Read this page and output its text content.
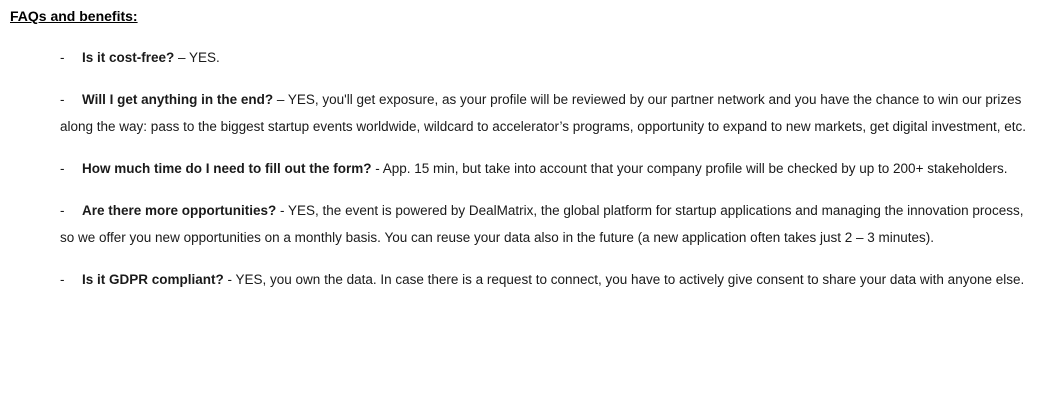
FAQs and benefits:
- Is it cost-free? – YES.
- Will I get anything in the end? – YES, you'll get exposure, as your profile will be reviewed by our partner network and you have the chance to win our prizes along the way: pass to the biggest startup events worldwide, wildcard to accelerator’s programs, opportunity to expand to new markets, get digital investment, etc.
- How much time do I need to fill out the form? - App. 15 min, but take into account that your company profile will be checked by up to 200+ stakeholders.
- Are there more opportunities? - YES, the event is powered by DealMatrix, the global platform for startup applications and managing the innovation process, so we offer you new opportunities on a monthly basis. You can reuse your data also in the future (a new application often takes just 2 – 3 minutes).
- Is it GDPR compliant? - YES, you own the data. In case there is a request to connect, you have to actively give consent to share your data with anyone else.
